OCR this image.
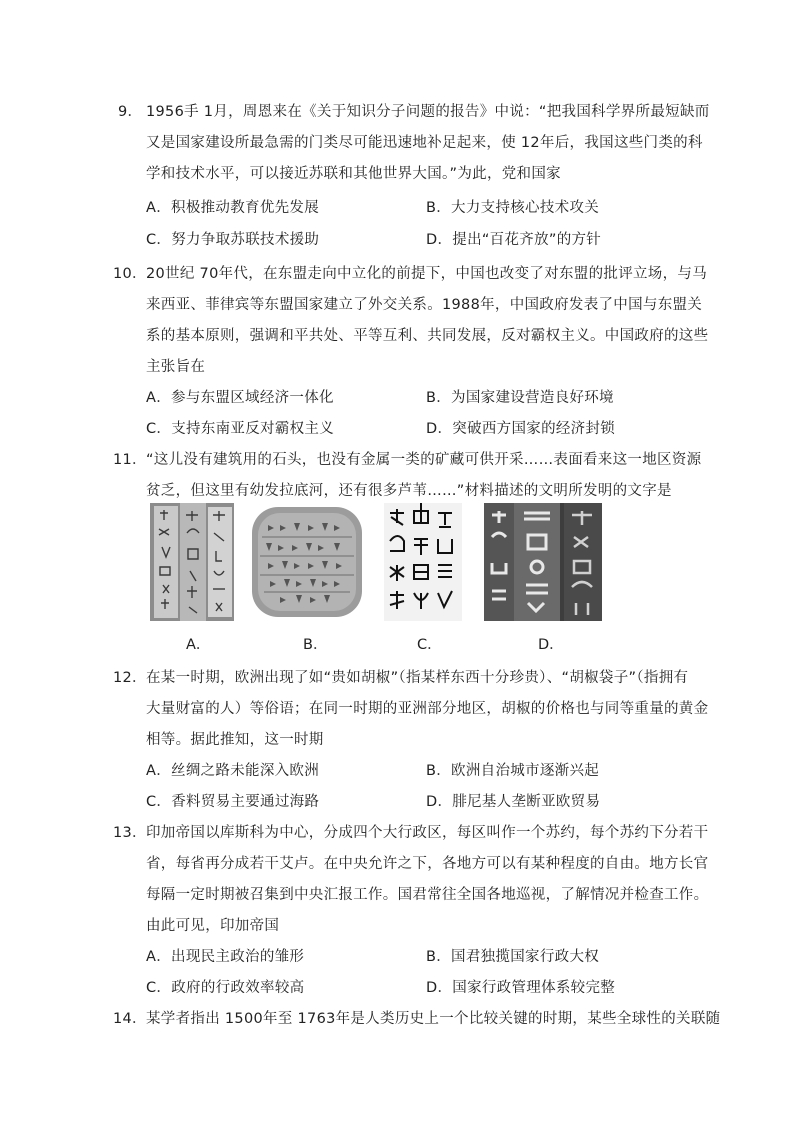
9． 1956手 1月，周恩来在《关于知识分子问题的报告》中说：“把我国科学界所最短缺而
又是国家建设所最急需的门类尽可能迅速地补足起来，使 12年后，我国这些门类的科
学和技术水平，可以接近苏联和其他世界大国。”为此，党和国家
A．积极推动教育优先发展	B．大力支持核心技术攻关
C．努力争取苏联技术援助	D．提出“百花齐放”的方针
10． 20世纪 70年代，在东盟走向中立化的前提下，中国也改变了对东盟的批评立场，与马
来西亚、菲律宾等东盟国家建立了外交关系。1988年，中国政府发表了中国与东盟关
系的基本原则，强调和平共处、平等互利、共同发展，反对霸权主义。中国政府的这些
主张旨在
A．参与东盟区域经济一体化	B．为国家建设营造良好环境
C．支持东南亚反对霸权主义	D．突破西方国家的经济封锁
11． “这儿没有建筑用的石头，也没有金属一类的矿藏可供开采……表面看来这一地区资源
贫乏，但这里有幼发拉底河，还有很多芦苇……”材料描述的文明所发明的文字是
A．	B．	C．	D．
12． 在某一时期，欧洲出现了如“贵如胡椒”（指某样东西十分珍贵）、“胡椒袋子”（指拥有
大量财富的人）等俗语；在同一时期的亚洲部分地区，胡椒的价格也与同等重量的黄金
相等。据此推知，这一时期
A．丝绸之路未能深入欧洲	B．欧洲自治城市逐渐兴起
C．香料贸易主要通过海路	D．腓尼基人垄断亚欧贸易
13． 印加帝国以库斯科为中心，分成四个大行政区，每区叫作一个苏约，每个苏约下分若干
省，每省再分成若干艾卢。在中央允许之下，各地方可以有某种程度的自由。地方长官
每隔一定时期被召集到中央汇报工作。国君常往全国各地巡视，了解情况并检查工作。
由此可见，印加帝国
A．出现民主政治的雏形	B．国君独揽国家行政大权
C．政府的行政效率较高	D．国家行政管理体系较完整
14． 某学者指出 1500年至 1763年是人类历史上一个比较关键的时期，某些全球性的关联随
